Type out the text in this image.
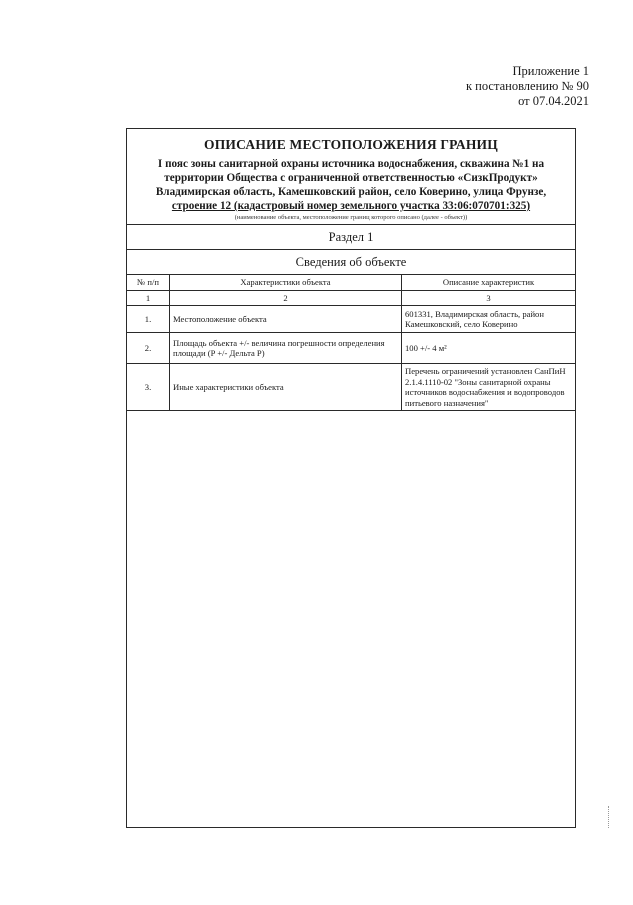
Приложение 1
к постановлению № 90
от 07.04.2021
ОПИСАНИЕ МЕСТОПОЛОЖЕНИЯ ГРАНИЦ
I пояс зоны санитарной охраны источника водоснабжения, скважина №1 на
территории Общества с ограниченной ответственностью «СизкПродукт»
Владимирская область, Камешковский район, село Коверино, улица Фрунзе,
строение 12 (кадастровый номер земельного участка 33:06:070701:325)
(наименование объекта, местоположение границ которого описано (далее - объект))
Раздел 1
Сведения об объекте
№ п/п	Характеристики объекта	Описание характеристик
1	2	3
1.	Местоположение объекта	601331, Владимирская область, район Камешковский, село Коверино
2.	Площадь объекта +/- величина погрешности определения площади (P +/- Дельта P)	100 +/- 4 м²
3.	Иные характеристики объекта	Перечень ограничений установлен СанПиН 2.1.4.1110-02 "Зоны санитарной охраны источников водоснабжения и водопроводов питьевого назначения"
